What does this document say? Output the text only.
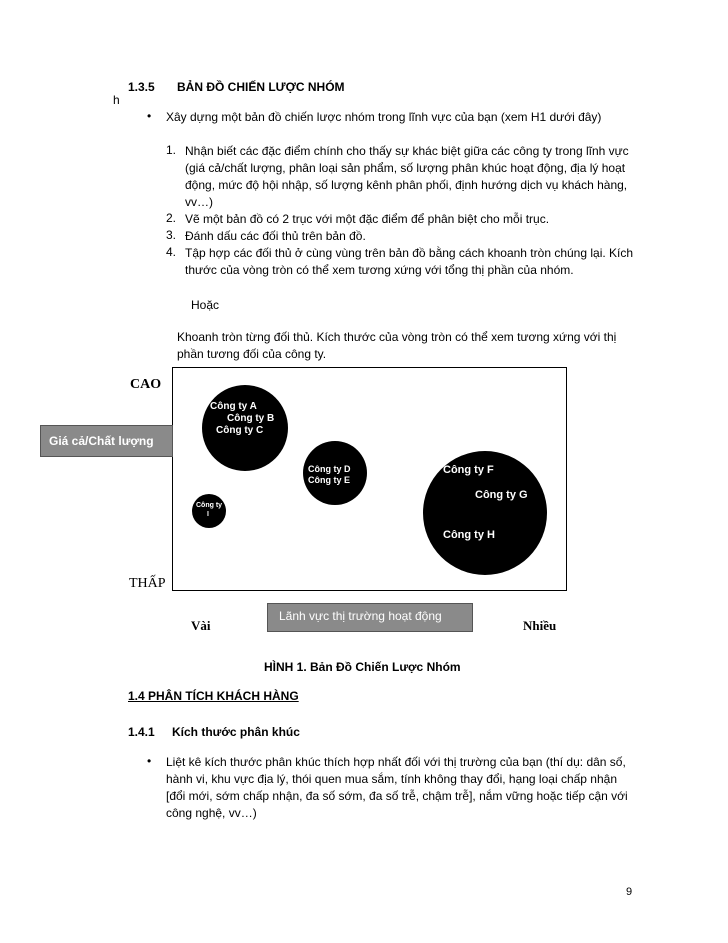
1.3.5 BẢN ĐỒ CHIẾN LƯỢC NHÓM
h
• Xây dựng một bản đồ chiến lược nhóm trong lĩnh vực của bạn (xem H1 dưới đây)
1. Nhận biết các đặc điểm chính cho thấy sự khác biệt giữa các công ty trong lĩnh vực (giá cả/chất lượng, phân loại sản phẩm, số lượng phân khúc hoạt động, địa lý hoạt động, mức độ hội nhập, số lượng kênh phân phối, định hướng dịch vụ khách hàng, vv…)
2. Vẽ một bản đồ có 2 trục với một đặc điểm để phân biệt cho mỗi trục.
3. Đánh dấu các đối thủ trên bản đồ.
4. Tập hợp các đối thủ ở cùng vùng trên bản đồ bằng cách khoanh tròn chúng lại. Kích thước của vòng tròn có thể xem tương xứng với tổng thị phần của nhóm.
Hoặc
Khoanh tròn từng đối thủ. Kích thước của vòng tròn có thể xem tương xứng với thị phần tương đối của công ty.
CAO
Công ty A
Công ty B
Công ty C
Công ty D
Công ty E
Công ty F
Công ty G
Công ty H
Công ty
I
Giá cả/Chất lượng
THẤP
Lãnh vực thị trường hoạt động
Vài	Nhiều
HÌNH 1. Bản Đồ Chiến Lược Nhóm
1.4 PHÂN TÍCH KHÁCH HÀNG
1.4.1 Kích thước phân khúc
• Liệt kê kích thước phân khúc thích hợp nhất đối với thị trường của bạn (thí dụ: dân số, hành vi, khu vực địa lý, thói quen mua sắm, tính không thay đổi, hạng loại chấp nhận [đổi mới, sớm chấp nhận, đa số sớm, đa số trễ, chậm trễ], nắm vững hoặc tiếp cận với công nghệ, vv…)
9
